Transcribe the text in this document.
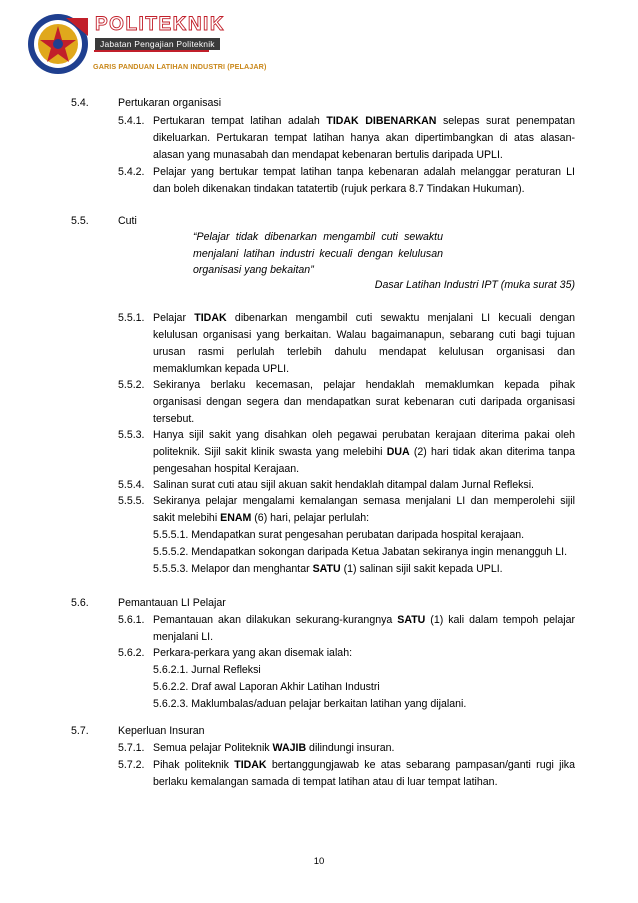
POLITEKNIK
Jabatan Pengajian Politeknik
GARIS PANDUAN LATIHAN INDUSTRI (PELAJAR)
5.4.	Pertukaran organisasi
5.4.1. Pertukaran tempat latihan adalah TIDAK DIBENARKAN selepas surat penempatan
dikeluarkan. Pertukaran tempat latihan hanya akan dipertimbangkan di atas alasan-
alasan yang munasabah dan mendapat kebenaran bertulis daripada UPLI.
5.4.2. Pelajar yang bertukar tempat latihan tanpa kebenaran adalah melanggar peraturan LI
dan boleh dikenakan tindakan tatatertib (rujuk perkara 8.7 Tindakan Hukuman).
5.5.	Cuti
“Pelajar tidak dibenarkan mengambil cuti sewaktu
menjalani latihan industri kecuali dengan kelulusan
organisasi yang bekaitan”
Dasar Latihan Industri IPT (muka surat 35)
5.5.1. Pelajar TIDAK dibenarkan mengambil cuti sewaktu menjalani LI kecuali dengan
kelulusan organisasi yang berkaitan. Walau bagaimanapun, sebarang cuti bagi tujuan
urusan rasmi perlulah terlebih dahulu mendapat kelulusan organisasi dan
memaklumkan kepada UPLI.
5.5.2. Sekiranya berlaku kecemasan, pelajar hendaklah memaklumkan kepada pihak
organisasi dengan segera dan mendapatkan surat kebenaran cuti daripada organisasi
tersebut.
5.5.3. Hanya sijil sakit yang disahkan oleh pegawai perubatan kerajaan diterima pakai oleh
politeknik. Sijil sakit klinik swasta yang melebihi DUA (2) hari tidak akan diterima tanpa
pengesahan hospital Kerajaan.
5.5.4. Salinan surat cuti atau sijil akuan sakit hendaklah ditampal dalam Jurnal Refleksi.
5.5.5. Sekiranya pelajar mengalami kemalangan semasa menjalani LI dan memperolehi sijil
sakit melebihi ENAM (6) hari, pelajar perlulah:
5.5.5.1. Mendapatkan surat pengesahan perubatan daripada hospital kerajaan.
5.5.5.2. Mendapatkan sokongan daripada Ketua Jabatan sekiranya ingin menangguh LI.
5.5.5.3. Melapor dan menghantar SATU (1) salinan sijil sakit kepada UPLI.
5.6.	Pemantauan LI Pelajar
5.6.1. Pemantauan akan dilakukan sekurang-kurangnya SATU (1) kali dalam tempoh pelajar
menjalani LI.
5.6.2. Perkara-perkara yang akan disemak ialah:
5.6.2.1. Jurnal Refleksi
5.6.2.2. Draf awal Laporan Akhir Latihan Industri
5.6.2.3. Maklumbalas/aduan pelajar berkaitan latihan yang dijalani.
5.7.	Keperluan Insuran
5.7.1. Semua pelajar Politeknik WAJIB dilindungi insuran.
5.7.2. Pihak politeknik TIDAK bertanggungjawab ke atas sebarang pampasan/ganti rugi jika
berlaku kemalangan samada di tempat latihan atau di luar tempat latihan.
10
